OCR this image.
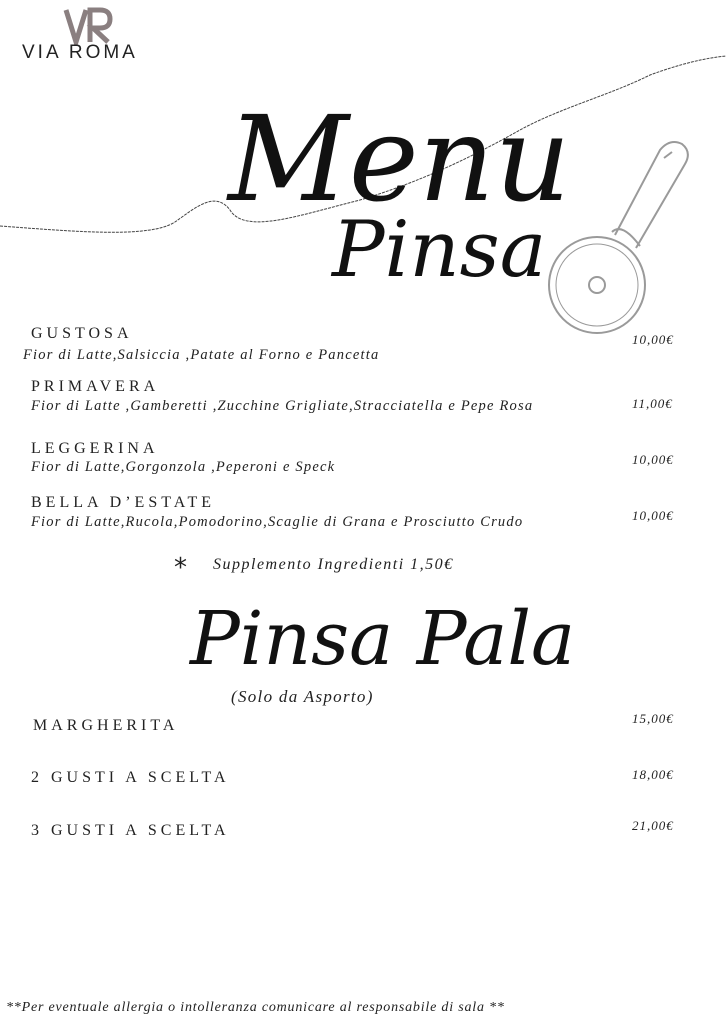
VIA ROMA
Menu
Pinsa
GUSTOSA
Fior di Latte,Salsiccia ,Patate al Forno e Pancetta
10,00€
PRIMAVERA
Fior di Latte ,Gamberetti ,Zucchine Grigliate,Stracciatella e Pepe Rosa	11,00€
LEGGERINA
Fior di Latte,Gorgonzola ,Peperoni e Speck	10,00€
BELLA D’ESTATE
Fior di Latte,Rucola,Pomodorino,Scaglie di Grana e Prosciutto Crudo	10,00€
* Supplemento Ingredienti 1,50€
Pinsa Pala
(Solo da Asporto)
MARGHERITA	15,00€
2 GUSTI A SCELTA	18,00€
3 GUSTI A SCELTA	21,00€
**Per eventuale allergia o intolleranza comunicare al responsabile di sala **
